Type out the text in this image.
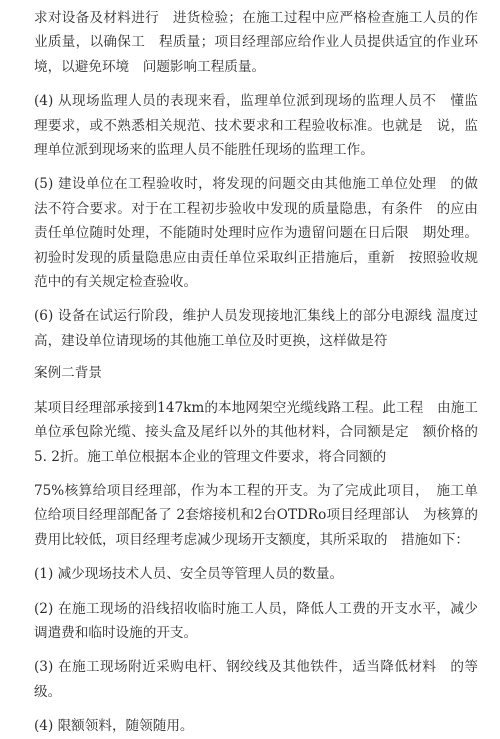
求对设备及材料进行　进货检验；在施工过程中应严格检查施工人员的作业质量，以确保工　程质量；项目经理部应给作业人员提供适宜的作业环境，以避免环境　问题影响工程质量。

(4) 从现场监理人员的表现来看，监理单位派到现场的监理人员不　懂监理要求，或不熟悉相关规范、技术要求和工程验收标准。也就是　说，监理单位派到现场来的监理人员不能胜任现场的监理工作。

(5) 建设单位在工程验收时，将发现的问题交由其他施工单位处理　的做法不符合要求。对于在工程初步验收中发现的质量隐患，有条件　的应由责任单位随时处理，不能随时处理时应作为遗留问题在日后限　期处理。初验时发现的质量隐患应由责任单位采取纠正措施后，重新　按照验收规范中的有关规定检查验收。

(6) 设备在试运行阶段，维护人员发现接地汇集线上的部分电源线 温度过高，建设单位请现场的其他施工单位及时更换，这样做是符

案例二背景

某项目经理部承接到147km的本地网架空光缆线路工程。此工程　由施工单位承包除光缆、接头盒及尾纤以外的其他材料，合同额是定　额价格的5. 2折。施工单位根据本企业的管理文件要求，将合同额的

75%核算给项目经理部，作为本工程的开支。为了完成此项目，　施工单位给项目经理部配备了 2套熔接机和2台OTDRo项目经理部认　为核算的费用比较低，项目经理考虑减少现场开支额度，其所采取的　措施如下：

(1) 减少现场技术人员、安全员等管理人员的数量。

(2) 在施工现场的沿线招收临时施工人员，降低人工费的开支水平，减少调遣费和临时设施的开支。

(3) 在施工现场附近采购电杆、钢绞线及其他铁件，适当降低材料　的等级。

(4) 限额领料，随领随用。
